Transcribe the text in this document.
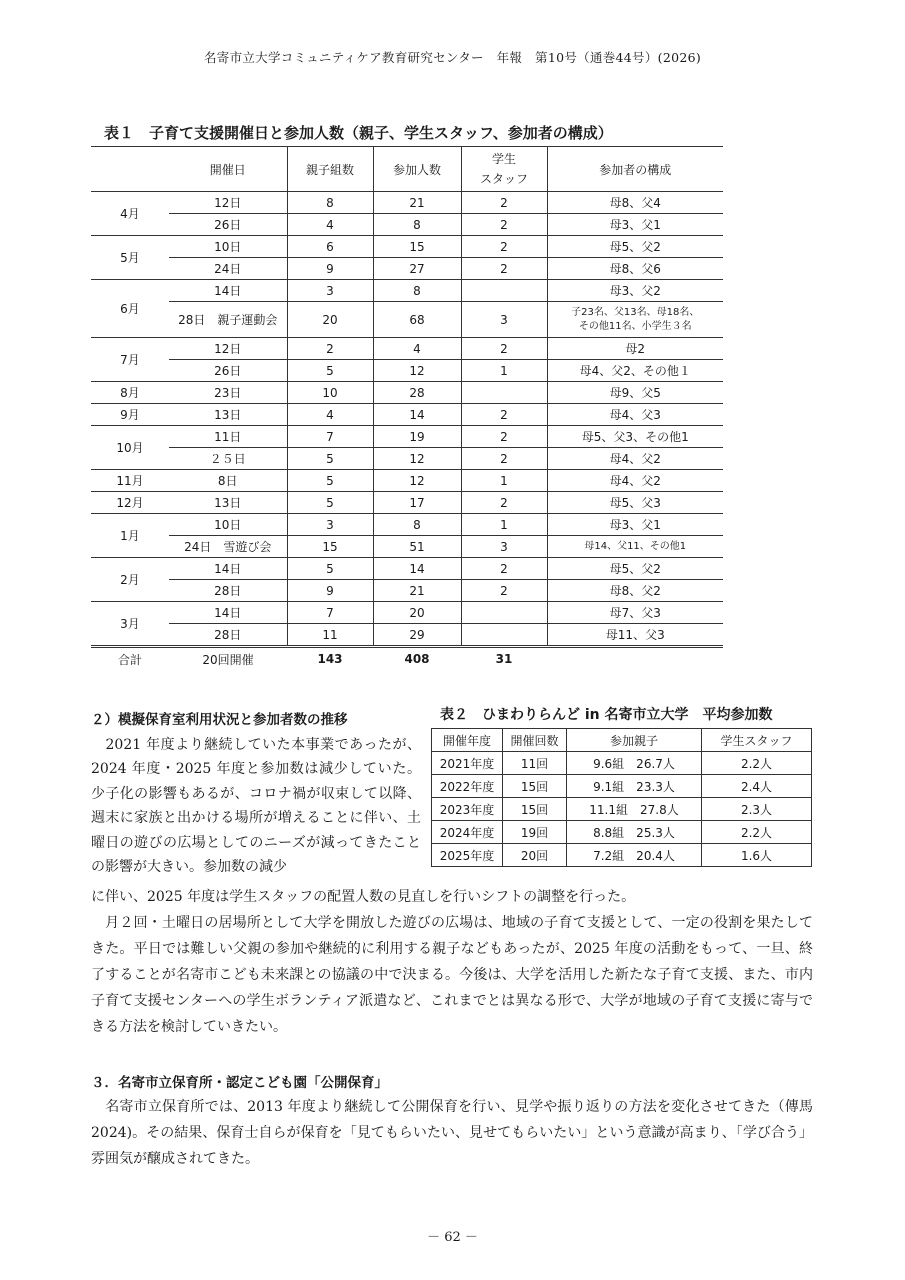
名寄市立大学コミュニティケア教育研究センター　年報　第10号（通巻44号）(2026)
表１　子育て支援開催日と参加人数（親子、学生スタッフ、参加者の構成）
	開催日	親子組数	参加人数	学生
スタッフ	参加者の構成
4月	12日	8	21	2	母8、父4
	26日	4	8	2	母3、父1
5月	10日	6	15	2	母5、父2
	24日	9	27	2	母8、父6
6月	14日	3	8		母3、父2
	28日　親子運動会	20	68	3	子23名、父13名、母18名、
その他11名、小学生３名
7月	12日	2	4	2	母2
	26日	5	12	1	母4、父2、その他１
8月	23日	10	28		母9、父5
9月	13日	4	14	2	母4、父3
10月	11日	7	19	2	母5、父3、その他1
	２５日	5	12	2	母4、父2
11月	8日	5	12	1	母4、父2
12月	13日	5	17	2	母5、父3
1月	10日	3	8	1	母3、父1
	24日　雪遊び会	15	51	3	母14、父11、その他1
2月	14日	5	14	2	母5、父2
	28日	9	21	2	母8、父2
3月	14日	7	20		母7、父3
	28日	11	29		母11、父3
合計	20回開催	143	408	31	
２）模擬保育室利用状況と参加者数の推移	表２　ひまわりらんど in 名寄市立大学　平均参加数
開催年度	開催回数	参加親子	学生スタッフ
2021年度	11回	9.6組　26.7人	2.2人
2022年度	15回	9.1組　23.3人	2.4人
2023年度	15回	11.1組　27.8人	2.3人
2024年度	19回	8.8組　25.3人	2.2人
2025年度	20回	7.2組　20.4人	1.6人
　2021 年度より継続していた本事業であったが、2024 年度・2025 年度と参加数は減少していた。少子化の影響もあるが、コロナ禍が収束して以降、週末に家族と出かける場所が増えることに伴い、土曜日の遊びの広場としてのニーズが減ってきたことの影響が大きい。参加数の減少
に伴い、2025 年度は学生スタッフの配置人数の見直しを行いシフトの調整を行った。
　月２回・土曜日の居場所として大学を開放した遊びの広場は、地域の子育て支援として、一定の役割を果たしてきた。平日では難しい父親の参加や継続的に利用する親子などもあったが、2025 年度の活動をもって、一旦、終了することが名寄市こども未来課との協議の中で決まる。今後は、大学を活用した新たな子育て支援、また、市内子育て支援センターへの学生ボランティア派遣など、これまでとは異なる形で、大学が地域の子育て支援に寄与できる方法を検討していきたい。
３．名寄市立保育所・認定こども園「公開保育」
　名寄市立保育所では、2013 年度より継続して公開保育を行い、見学や振り返りの方法を変化させてきた（傳馬 2024)。その結果、保育士自らが保育を「見てもらいたい、見せてもらいたい」という意識が高まり、「学び合う」雰囲気が醸成されてきた。
－ 62 －
